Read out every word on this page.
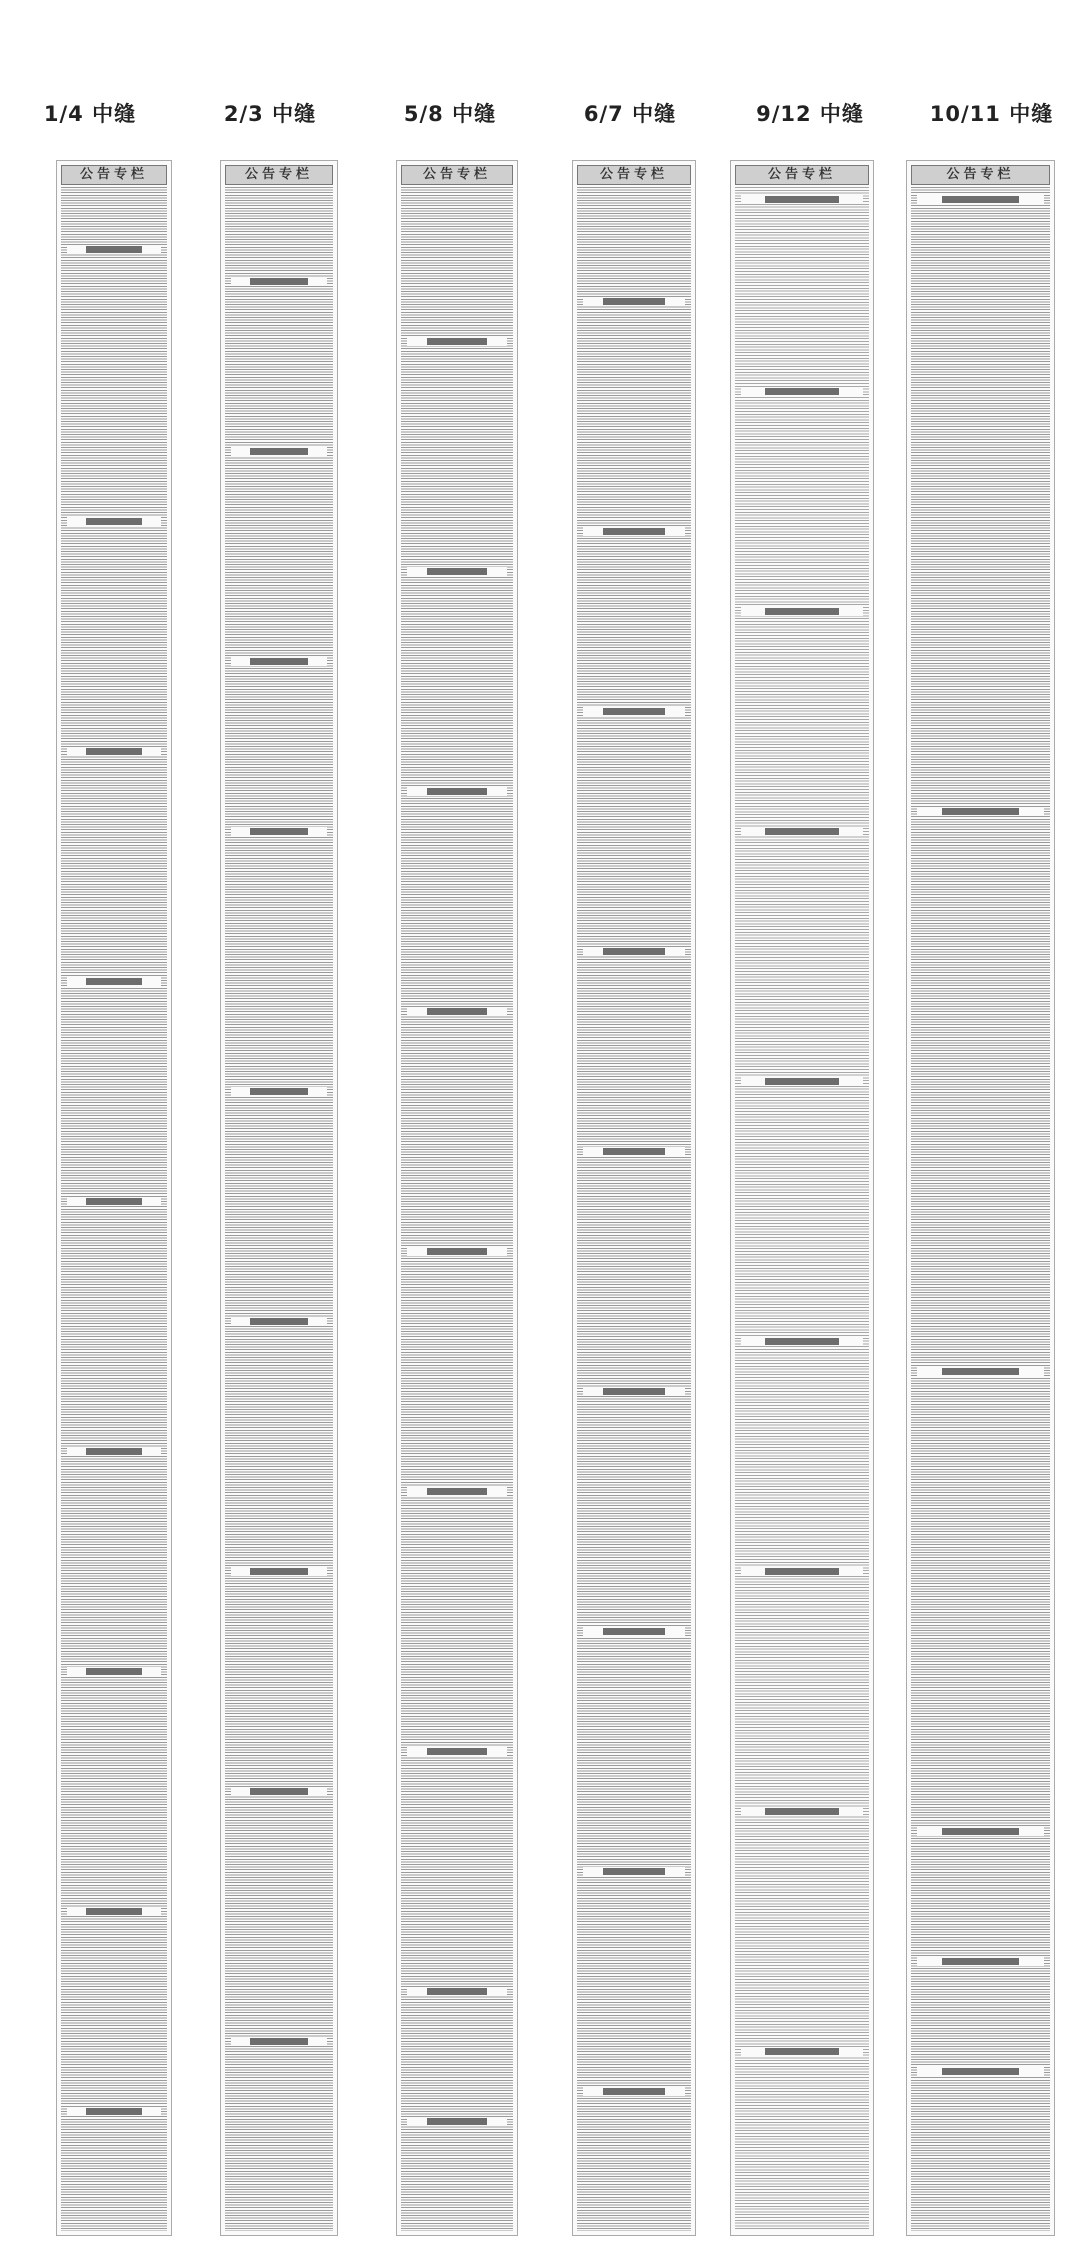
1/4 中缝
公告专栏
2/3 中缝
公告专栏
5/8 中缝
公告专栏
6/7 中缝
公告专栏
9/12 中缝
公告专栏
10/11 中缝
公告专栏
